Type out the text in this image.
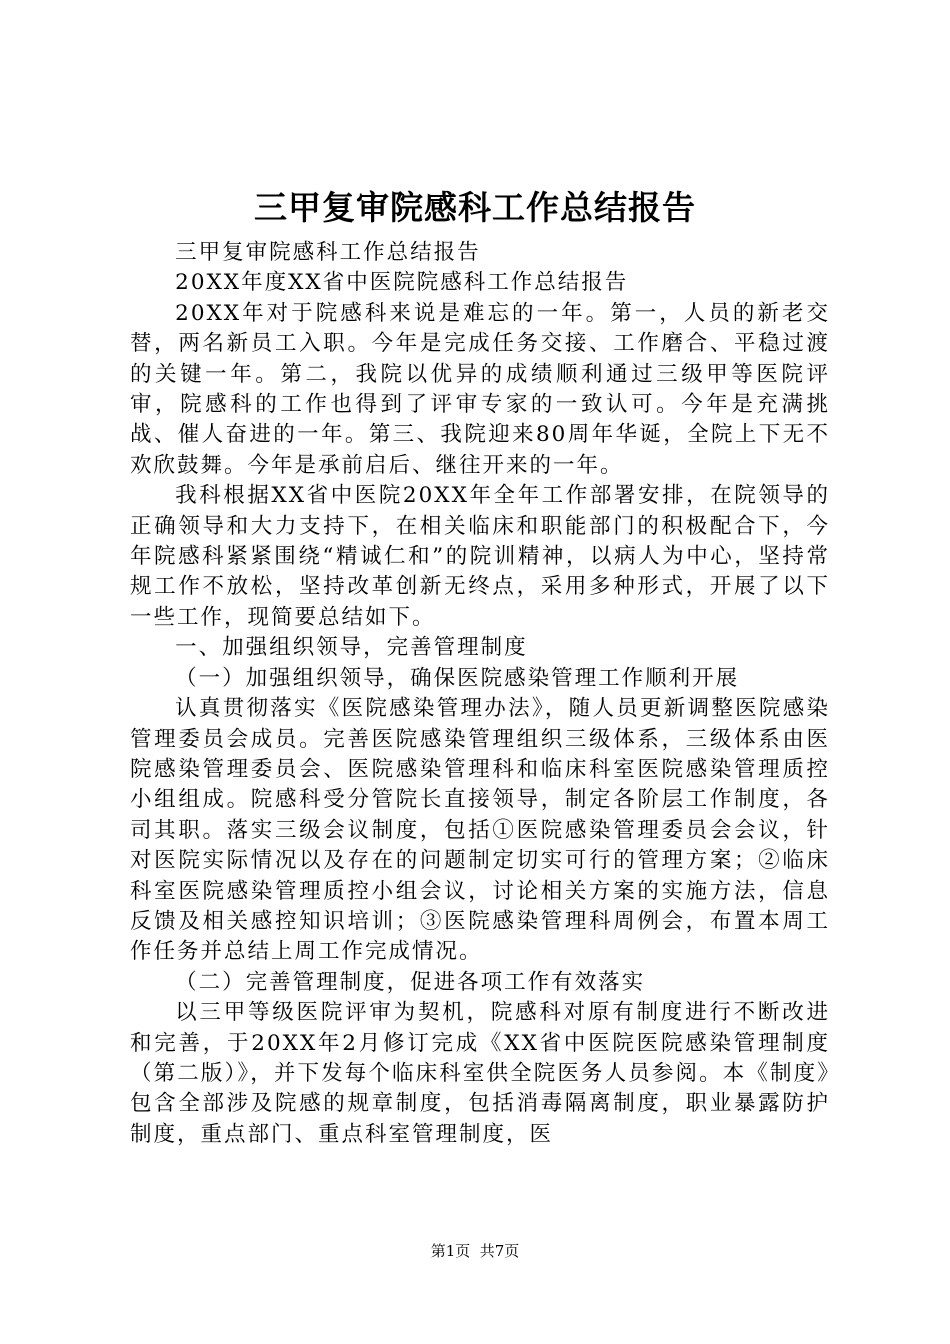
三甲复审院感科工作总结报告

三甲复审院感科工作总结报告

20XX年度XX省中医院院感科工作总结报告

20XX年对于院感科来说是难忘的一年。第一，人员的新老交替，两名新员工入职。今年是完成任务交接、工作磨合、平稳过渡的关键一年。第二，我院以优异的成绩顺利通过三级甲等医院评审，院感科的工作也得到了评审专家的一致认可。今年是充满挑战、催人奋进的一年。第三、我院迎来80周年华诞，全院上下无不欢欣鼓舞。今年是承前启后、继往开来的一年。

我科根据XX省中医院20XX年全年工作部署安排，在院领导的正确领导和大力支持下，在相关临床和职能部门的积极配合下，今年院感科紧紧围绕“精诚仁和”的院训精神，以病人为中心，坚持常规工作不放松，坚持改革创新无终点，采用多种形式，开展了以下一些工作，现简要总结如下。

一、加强组织领导，完善管理制度

（一）加强组织领导，确保医院感染管理工作顺利开展

认真贯彻落实《医院感染管理办法》，随人员更新调整医院感染管理委员会成员。完善医院感染管理组织三级体系，三级体系由医院感染管理委员会、医院感染管理科和临床科室医院感染管理质控小组组成。院感科受分管院长直接领导，制定各阶层工作制度，各司其职。落实三级会议制度，包括①医院感染管理委员会会议，针对医院实际情况以及存在的问题制定切实可行的管理方案；②临床科室医院感染管理质控小组会议，讨论相关方案的实施方法，信息反馈及相关感控知识培训；③医院感染管理科周例会，布置本周工作任务并总结上周工作完成情况。

（二）完善管理制度，促进各项工作有效落实

以三甲等级医院评审为契机，院感科对原有制度进行不断改进和完善，于20XX年2月修订完成《XX省中医院医院感染管理制度（第二版）》，并下发每个临床科室供全院医务人员参阅。本《制度》包含全部涉及院感的规章制度，包括消毒隔离制度，职业暴露防护制度，重点部门、重点科室管理制度，医

第1页  共7页
